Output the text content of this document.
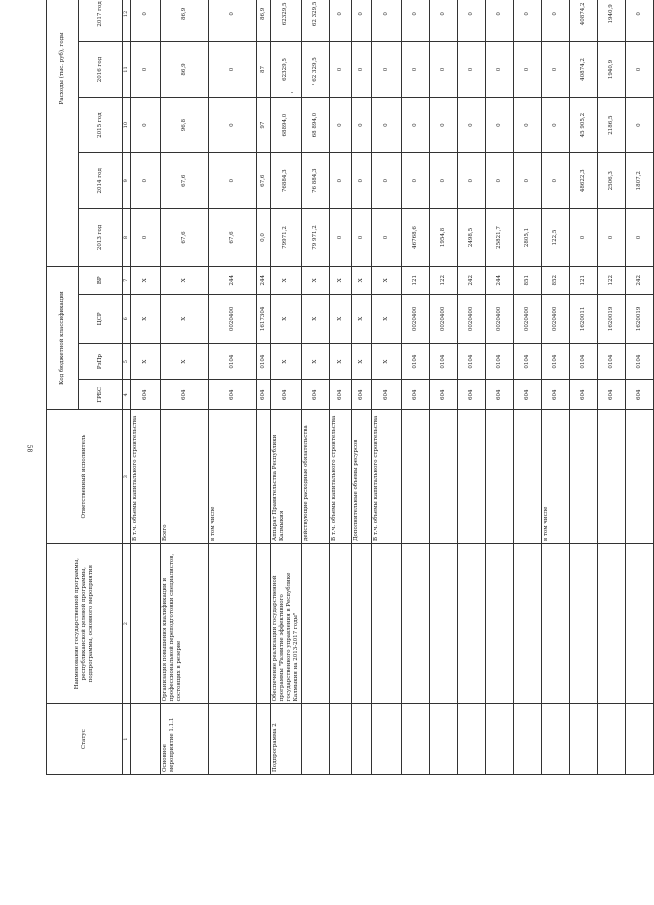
58
Статус	Наименование государственной программы, республиканской целевой программы, подпрограммы, основного мероприятия	Ответственный исполнитель	Код бюджетной классификации				Расходы (тыс. руб), годы					
			ГРБС	РзПр	ЦСР	ВР	2013 год	2014 год	2015 год	2016 год	2017 год	
1	2	3	4	5	6	7	8	9	10	11	12	
		В т.ч. объемы капитального строительства	604	X	X	X	0	0	0	0	0	
Основное мероприятие 1.1.1	Организация повышения квалификации и профессиональной переподготовки специалистов, состоящих в резерве	Всего	604	X	X	X	67,6	67,6	96,8	86,9	86,9	
		в том числе	604	0104	0020400	244	67,6	0	0	0	0	
			604	0104	1617304	244	0,0	67,6	97	87	86,9	
Подпрограмма 2	Обеспечение реализации государственной программы "Развитие эффективного государственного управления в Республике Калмыкия на 2013-2017 годы"	Аппарат Правительства Республики Калмыкия	604	X	X	X	79971,2	76884,3	68894,0	62329,5	62329,5	
		действующие расходные обязательства	604	X	X	X	79 971,2	76 884,3	68 894,0	62 329,5	62 329,5	
		В т.ч. объемы капитального строительства	604	X	X	X	0	0	0	0	0	
		Дополнительные объемы ресурсов	604	X	X	X	0	0	0	0	0	
		В т.ч. объемы капитального строительства	604	X	X	X	0	0	0	0	0	
			604	0104	0020400	121	46768,6	0	0	0	0	
			604	0104	0020400	122	1954,8	0	0	0	0	
			604	0104	0020400	242	2498,5	0	0	0	0	
			604	0104	0020400	244	25821,7	0	0	0	0	
			604	0104	0020400	851	2805,1	0	0	0	0	
		в том числе	604	0104	0020400	852	122,5	0	0	0	0	
			604	0104	1620011	121	0	48622,3	45 905,2	40874,2	40874,2	
			604	0104	1620019	122	0	2506,3	2186,5	1940,9	1940,9	
			604	0104	1620019	242	0	1807,2	0	0	0	
